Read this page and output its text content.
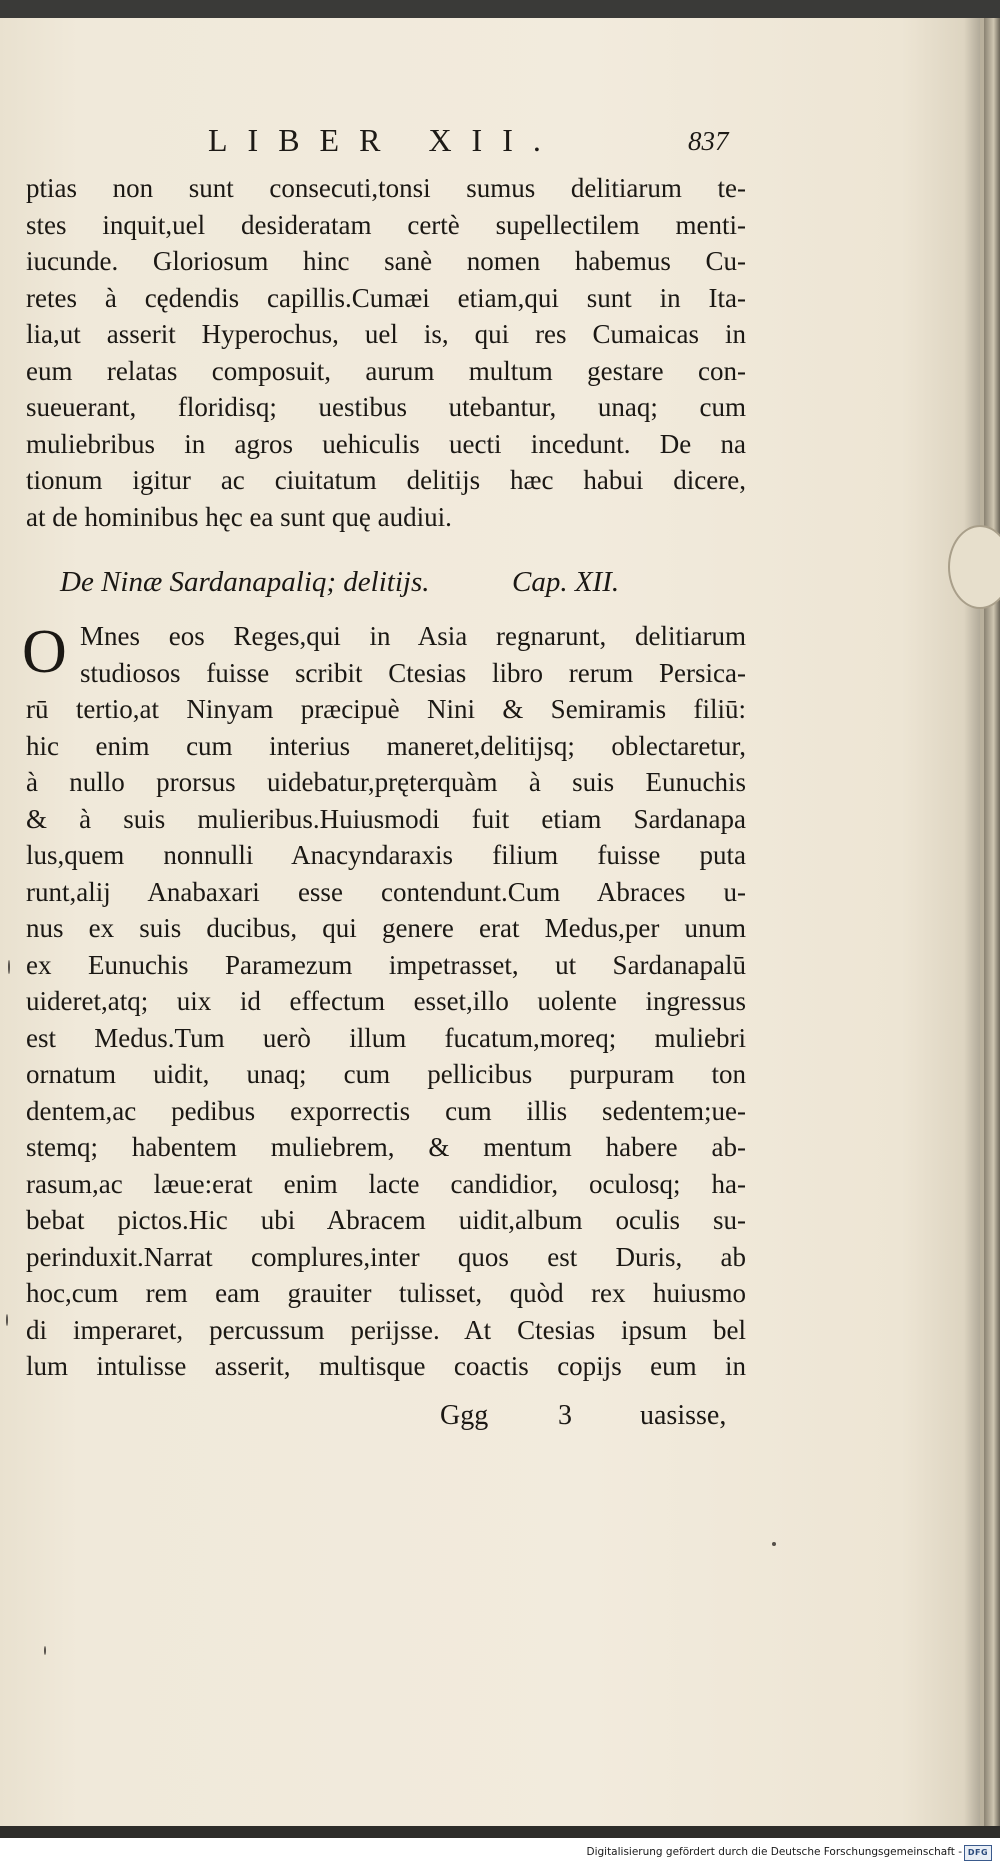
LIBER XII.	837
ptias non sunt consecuti,tonsi sumus delitiarum te-
stes inquit,uel desideratam certè supellectilem menti-
iucunde. Gloriosum hinc sanè nomen habemus Cu-
retes à cędendis capillis.Cumæi etiam,qui sunt in Ita-
lia,ut asserit Hyperochus, uel is, qui res Cumaicas in
eum relatas composuit, aurum multum gestare con-
sueuerant, floridisq; uestibus utebantur, unaq; cum
muliebribus in agros uehiculis uecti incedunt. De na
tionum igitur ac ciuitatum delitijs hæc habui dicere,
at de hominibus hęc ea sunt quę audiui.
De Ninæ Sardanapaliq; delitijs.	Cap. XII.
O Mnes eos Reges,qui in Asia regnarunt, delitiarum
studiosos fuisse scribit Ctesias libro rerum Persica-
rū tertio,at Ninyam præcipuè Nini & Semiramis filiū:
hic enim cum interius maneret,delitijsq; oblectaretur,
à nullo prorsus uidebatur,pręterquàm à suis Eunuchis
& à suis mulieribus.Huiusmodi fuit etiam Sardanapa
lus,quem nonnulli Anacyndaraxis filium fuisse puta
runt,alij Anabaxari esse contendunt.Cum Abraces u-
nus ex suis ducibus, qui genere erat Medus,per unum
ex Eunuchis Paramezum impetrasset, ut Sardanapalū
uideret,atq; uix id effectum esset,illo uolente ingressus
est Medus.Tum uerò illum fucatum,moreq; muliebri
ornatum uidit, unaq; cum pellicibus purpuram ton
dentem,ac pedibus exporrectis cum illis sedentem;ue-
stemq; habentem muliebrem, & mentum habere ab-
rasum,ac læue:erat enim lacte candidior, oculosq; ha-
bebat pictos.Hic ubi Abracem uidit,album oculis su-
perinduxit.Narrat complures,inter quos est Duris, ab
hoc,cum rem eam grauiter tulisset, quòd rex huiusmo
di imperaret, percussum perijsse. At Ctesias ipsum bel
lum intulisse asserit, multisque coactis copijs eum in
Ggg 3 uasisse,
Digitalisierung gefördert durch die Deutsche Forschungsgemeinschaft - DFG
